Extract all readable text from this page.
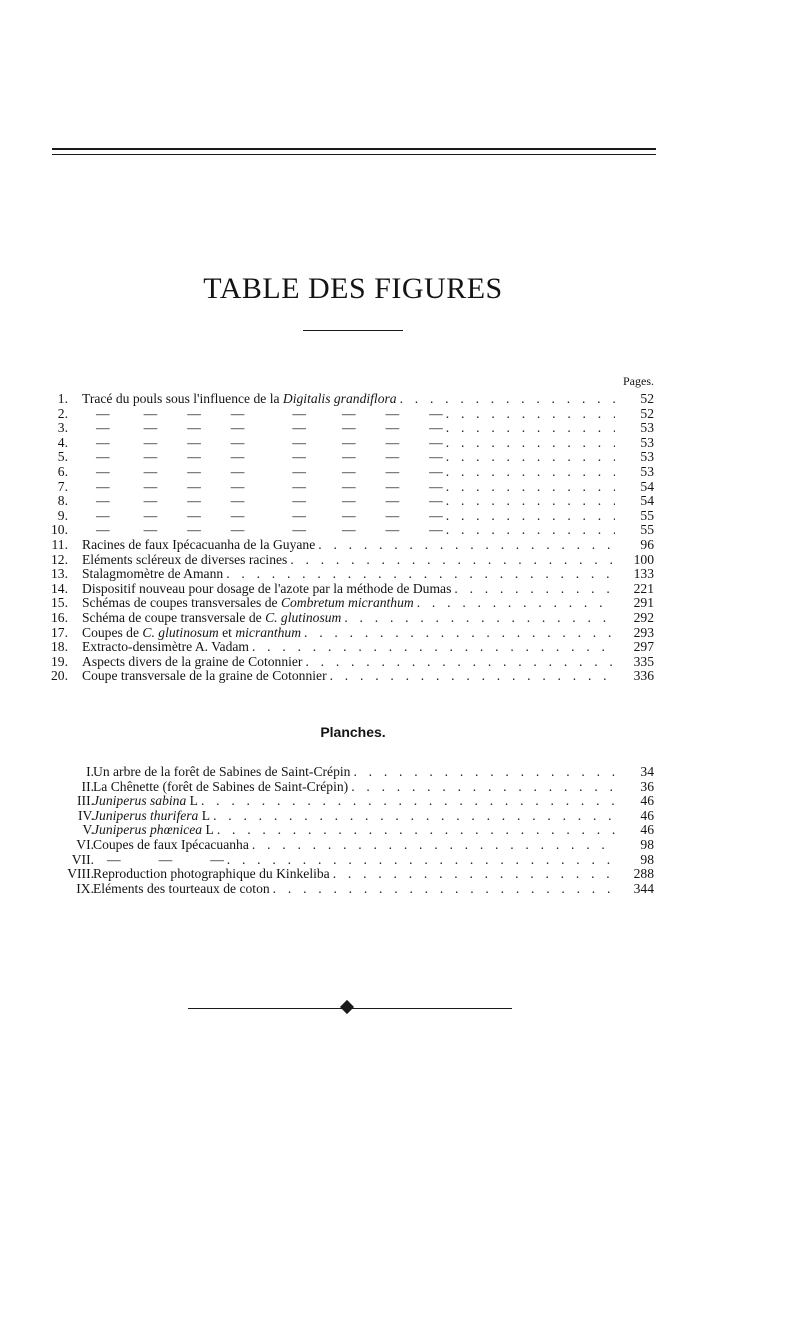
TABLE DES FIGURES
Pages.
1. Tracé du pouls sous l'influence de la Digitalis grandiflora . . .	52
2. —	— — —	—	— — — . . .	52
3. —	— — —	—	— — — . . .	53
4. —	— — —	—	— — — . . .	53
5. —	— — —	—	— — — . . .	53
6. —	— — —	—	— — — . . .	53
7. —	— — —	—	— — — . . .	54
8. —	— — —	—	— — — . . .	54
9. —	— — —	—	— — — . . .	55
10. —	— — —	—	— — — . . .	55
11. Racines de faux Ipécacuanha de la Guyane . . .	96
12. Eléments scléreux de diverses racines . . .	100
13. Stalagmomètre de Amann . . .	133
14. Dispositif nouveau pour dosage de l'azote par la méthode de Dumas . . .	221
15. Schémas de coupes transversales de Combretum micranthum . . .	291
16. Schéma de coupe transversale de C. glutinosum . . .	292
17. Coupes de C. glutinosum et micranthum . . .	293
18. Extracto-densimètre A. Vadam . . .	297
19. Aspects divers de la graine de Cotonnier . . .	335
20. Coupe transversale de la graine de Cotonnier . . .	336
Planches.
I. Un arbre de la forêt de Sabines de Saint-Crépin . . .	34
II. La Chênette (forêt de Sabines de Saint-Crépin) . . .	36
III. Juniperus sabina L . . .	46
IV. Juniperus thurifera L . . .	46
V. Juniperus phœnicea L . . .	46
VI. Coupes de faux Ipécacuanha . . .	98
VII. —	—	— . . .	98
VIII. Reproduction photographique du Kinkeliba . . .	288
IX. Eléments des tourteaux de coton . . .	344
